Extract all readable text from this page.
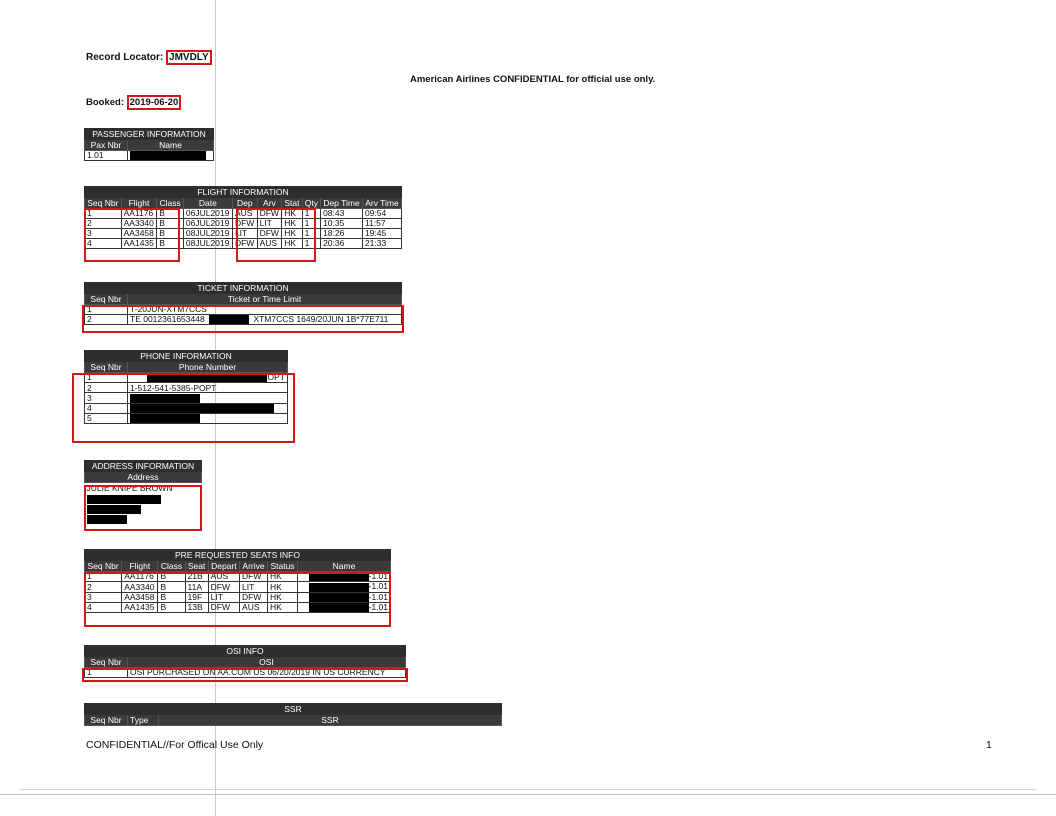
Record Locator: JMVDLY
American Airlines CONFIDENTIAL for official use only.
Booked: 2019-06-20
PASSENGER INFORMATION	
Pax Nbr	Name
1.01	
FLIGHT INFORMATION									
Seq Nbr	Flight	Class	Date	Dep	Arv	Stat	Qty	Dep Time	Arv Time
1	AA1176	B	06JUL2019	AUS	DFW	HK	1	08:43	09:54
2	AA3340	B	06JUL2019	DFW	LIT	HK	1	10:35	11:57
3	AA3458	B	08JUL2019	LIT	DFW	HK	1	18:26	19:45
4	AA1435	B	08JUL2019	DFW	AUS	HK	1	20:36	21:33
TICKET INFORMATION	
Seq Nbr	Ticket or Time Limit
1	T-20JUN-XTM7CCS
2	TE 0012361653448 XTM7CCS 1649/20JUN 1B*77E711
PHONE INFORMATION	
Seq Nbr	Phone Number
1	OPT
2	1-512-541-5385-POPT
3	
4	
5	
ADDRESS INFORMATION
Address

JULIE KNIPE BROWN
PRE REQUESTED SEATS INFO							
Seq Nbr	Flight	Class	Seat	Depart	Arrive	Status	Name
1	AA1176	B	21B	AUS	DFW	HK	-1.01
2	AA3340	B	11A	DFW	LIT	HK	-1.01
3	AA3458	B	19F	LIT	DFW	HK	-1.01
4	AA1435	B	13B	DFW	AUS	HK	-1.01
OSI INFO	
Seq Nbr	OSI
1	OSI PURCHASED ON AA.COM US 06/20/2019 IN US CURRENCY
SSR
Seq Nbr	Type	SSR
CONFIDENTIAL//For Offical Use Only	1
